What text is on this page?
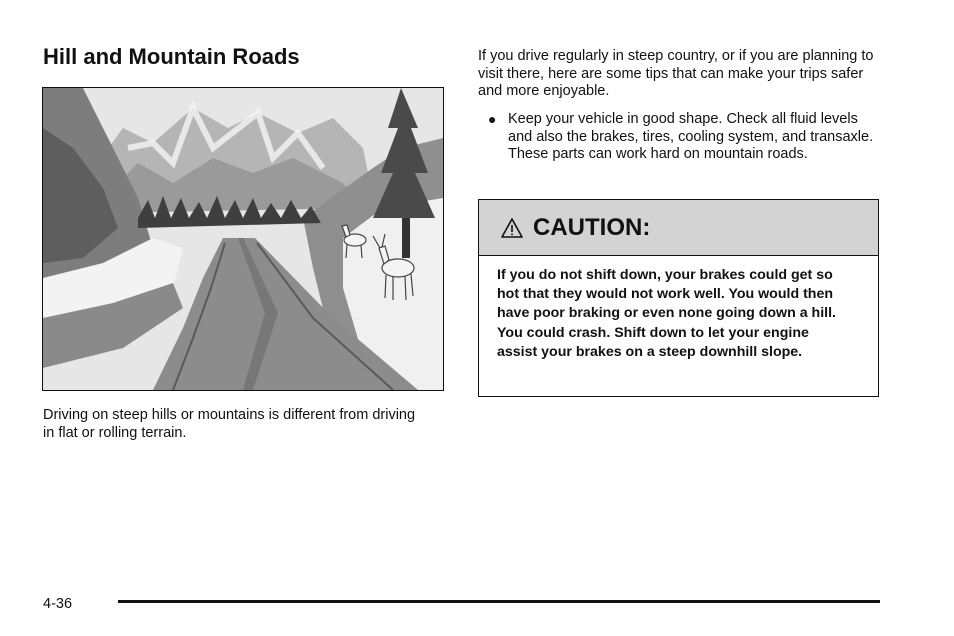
Hill and Mountain Roads
Driving on steep hills or mountains is different from driving in flat or rolling terrain.
If you drive regularly in steep country, or if you are planning to visit there, here are some tips that can make your trips safer and more enjoyable.
● Keep your vehicle in good shape. Check all fluid levels and also the brakes, tires, cooling system, and transaxle. These parts can work hard on mountain roads.
CAUTION:
If you do not shift down, your brakes could get so hot that they would not work well. You would then have poor braking or even none going down a hill. You could crash. Shift down to let your engine assist your brakes on a steep downhill slope.
4-36
